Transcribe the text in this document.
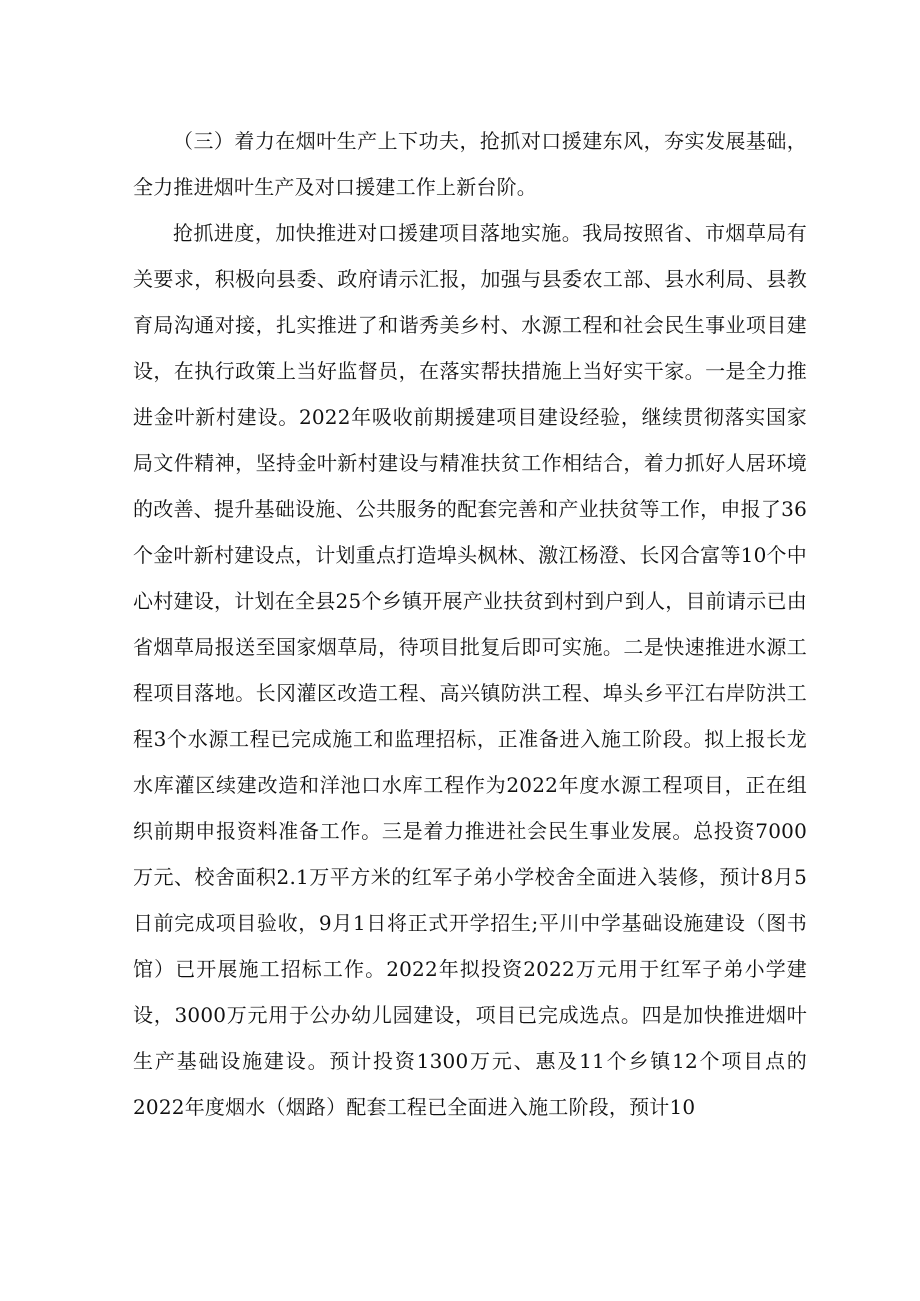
（三）着力在烟叶生产上下功夫，抢抓对口援建东风，夯实发展基础，全力推进烟叶生产及对口援建工作上新台阶。

抢抓进度，加快推进对口援建项目落地实施。我局按照省、市烟草局有关要求，积极向县委、政府请示汇报，加强与县委农工部、县水利局、县教育局沟通对接，扎实推进了和谐秀美乡村、水源工程和社会民生事业项目建设，在执行政策上当好监督员，在落实帮扶措施上当好实干家。一是全力推进金叶新村建设。2022年吸收前期援建项目建设经验，继续贯彻落实国家局文件精神，坚持金叶新村建设与精准扶贫工作相结合，着力抓好人居环境的改善、提升基础设施、公共服务的配套完善和产业扶贫等工作，申报了36个金叶新村建设点，计划重点打造埠头枫林、激江杨澄、长冈合富等10个中心村建设，计划在全县25个乡镇开展产业扶贫到村到户到人，目前请示已由省烟草局报送至国家烟草局，待项目批复后即可实施。二是快速推进水源工程项目落地。长冈灌区改造工程、高兴镇防洪工程、埠头乡平江右岸防洪工程3个水源工程已完成施工和监理招标，正准备进入施工阶段。拟上报长龙水库灌区续建改造和洋池口水库工程作为2022年度水源工程项目，正在组织前期申报资料准备工作。三是着力推进社会民生事业发展。总投资7000万元、校舍面积2.1万平方米的红军子弟小学校舍全面进入装修，预计8月5日前完成项目验收，9月1日将正式开学招生;平川中学基础设施建设（图书馆）已开展施工招标工作。2022年拟投资2022万元用于红军子弟小学建设，3000万元用于公办幼儿园建设，项目已完成选点。四是加快推进烟叶生产基础设施建设。预计投资1300万元、惠及11个乡镇12个项目点的2022年度烟水（烟路）配套工程已全面进入施工阶段，预计10
